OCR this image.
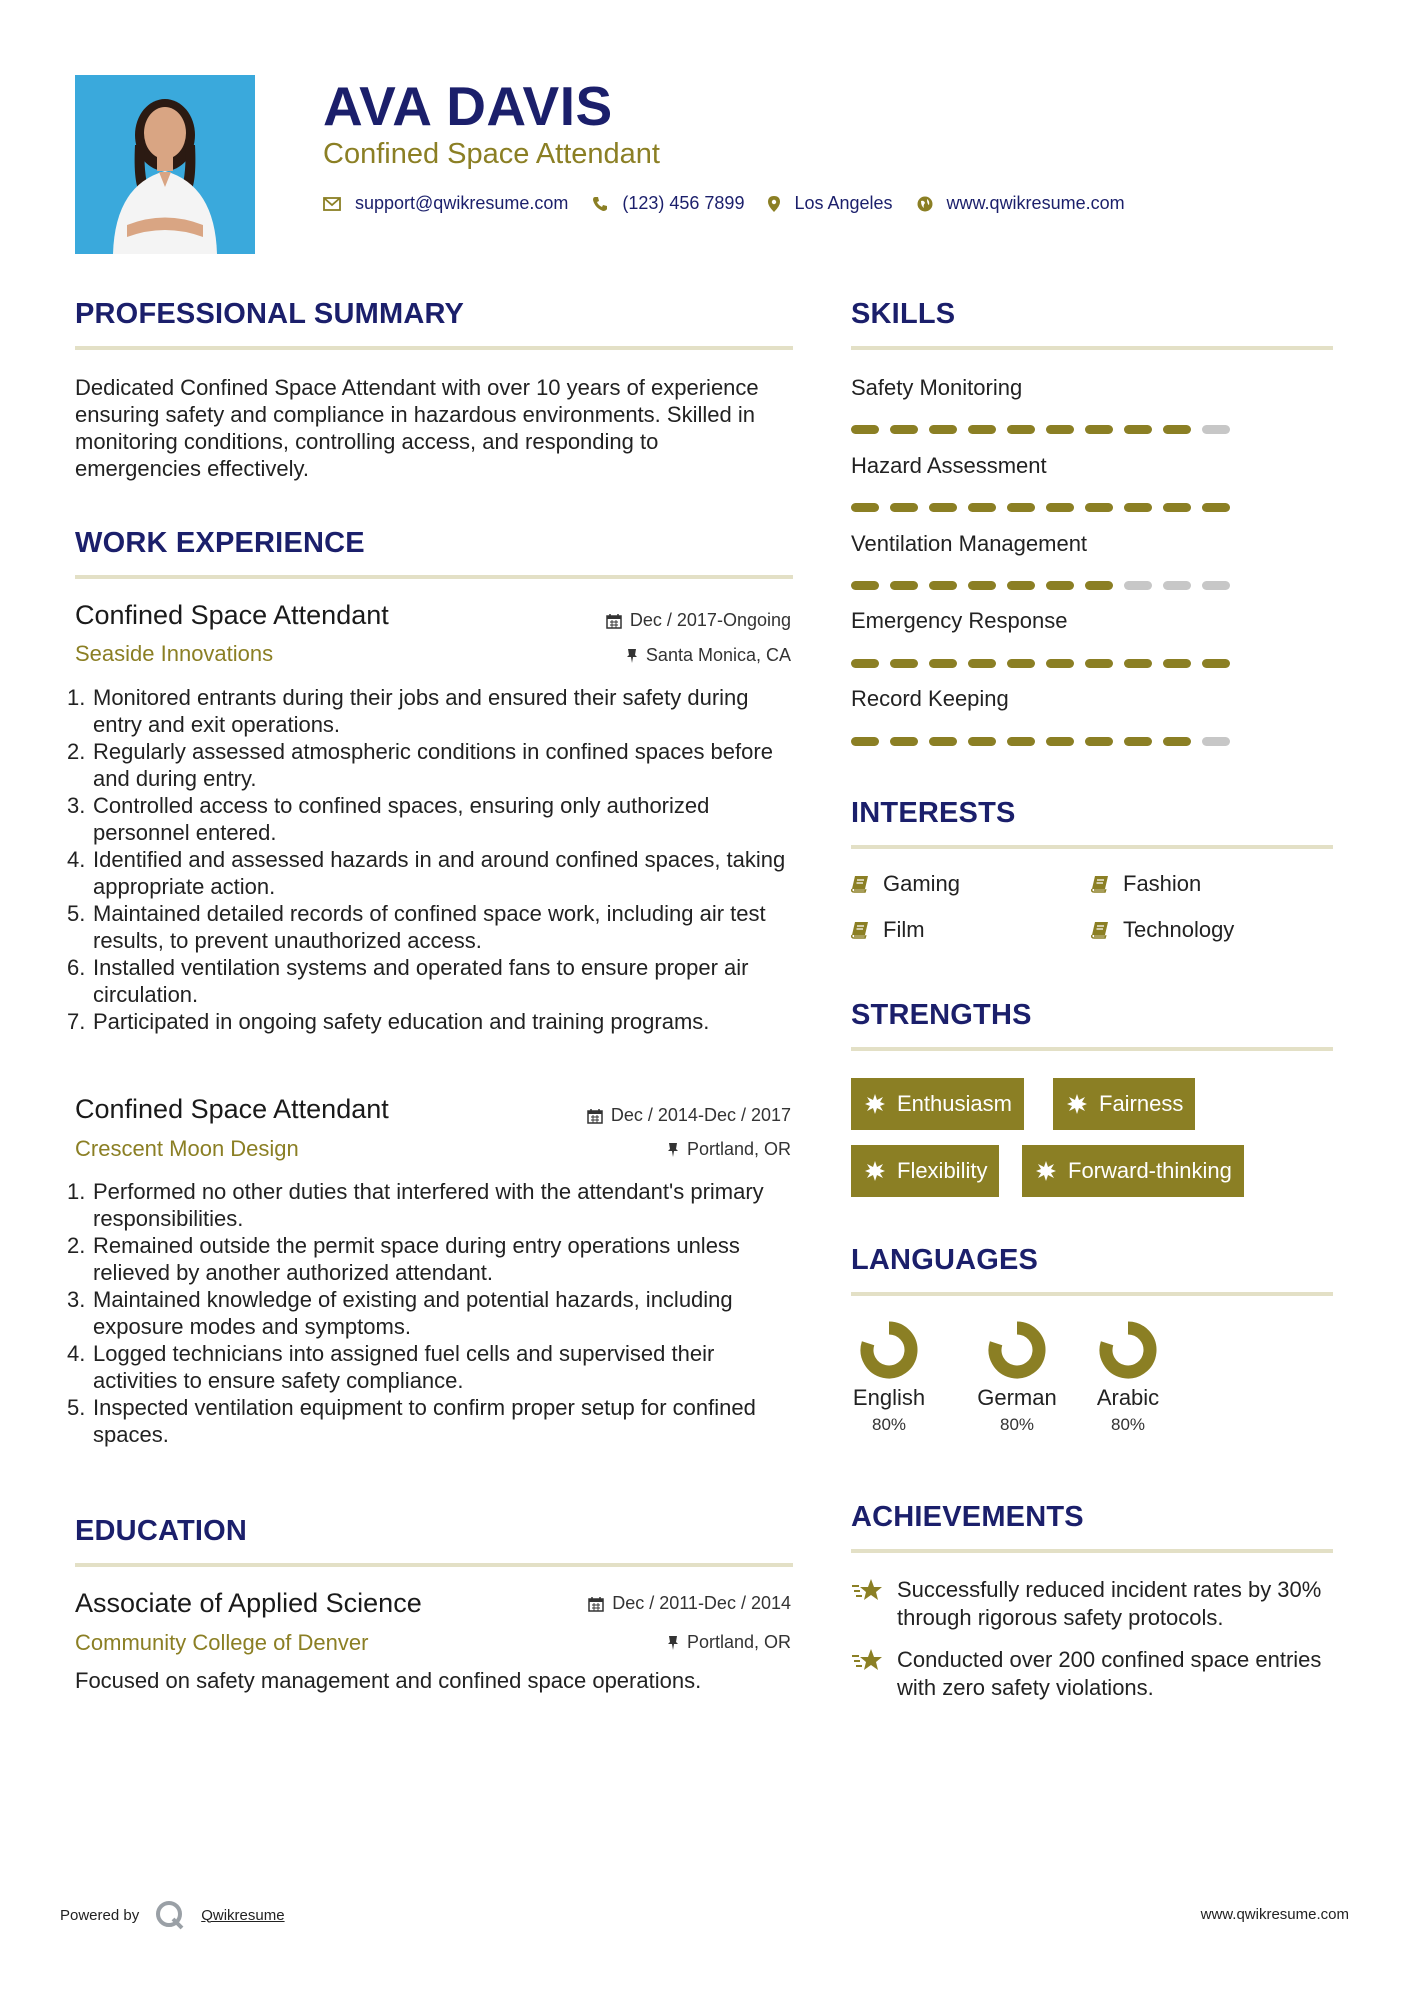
AVA DAVIS
Confined Space Attendant
support@qwikresume.com	(123) 456 7899	Los Angeles	www.qwikresume.com
PROFESSIONAL SUMMARY
Dedicated Confined Space Attendant with over 10 years of experience ensuring safety and compliance in hazardous environments. Skilled in monitoring conditions, controlling access, and responding to emergencies effectively.
WORK EXPERIENCE
Confined Space Attendant	Dec / 2017-Ongoing
Seaside Innovations	Santa Monica, CA
1. Monitored entrants during their jobs and ensured their safety during entry and exit operations.
2. Regularly assessed atmospheric conditions in confined spaces before and during entry.
3. Controlled access to confined spaces, ensuring only authorized personnel entered.
4. Identified and assessed hazards in and around confined spaces, taking appropriate action.
5. Maintained detailed records of confined space work, including air test results, to prevent unauthorized access.
6. Installed ventilation systems and operated fans to ensure proper air circulation.
7. Participated in ongoing safety education and training programs.
Confined Space Attendant	Dec / 2014-Dec / 2017
Crescent Moon Design	Portland, OR
1. Performed no other duties that interfered with the attendant's primary responsibilities.
2. Remained outside the permit space during entry operations unless relieved by another authorized attendant.
3. Maintained knowledge of existing and potential hazards, including exposure modes and symptoms.
4. Logged technicians into assigned fuel cells and supervised their activities to ensure safety compliance.
5. Inspected ventilation equipment to confirm proper setup for confined spaces.
EDUCATION
Associate of Applied Science	Dec / 2011-Dec / 2014
Community College of Denver	Portland, OR
Focused on safety management and confined space operations.
SKILLS
Safety Monitoring
Hazard Assessment
Ventilation Management
Emergency Response
Record Keeping
INTERESTS
Gaming	Fashion
Film	Technology
STRENGTHS
Enthusiasm	Fairness
Flexibility	Forward-thinking
LANGUAGES
English
80%
German
80%
Arabic
80%
ACHIEVEMENTS
Successfully reduced incident rates by 30% through rigorous safety protocols.
Conducted over 200 confined space entries with zero safety violations.
Powered by	Qwikresume	www.qwikresume.com
